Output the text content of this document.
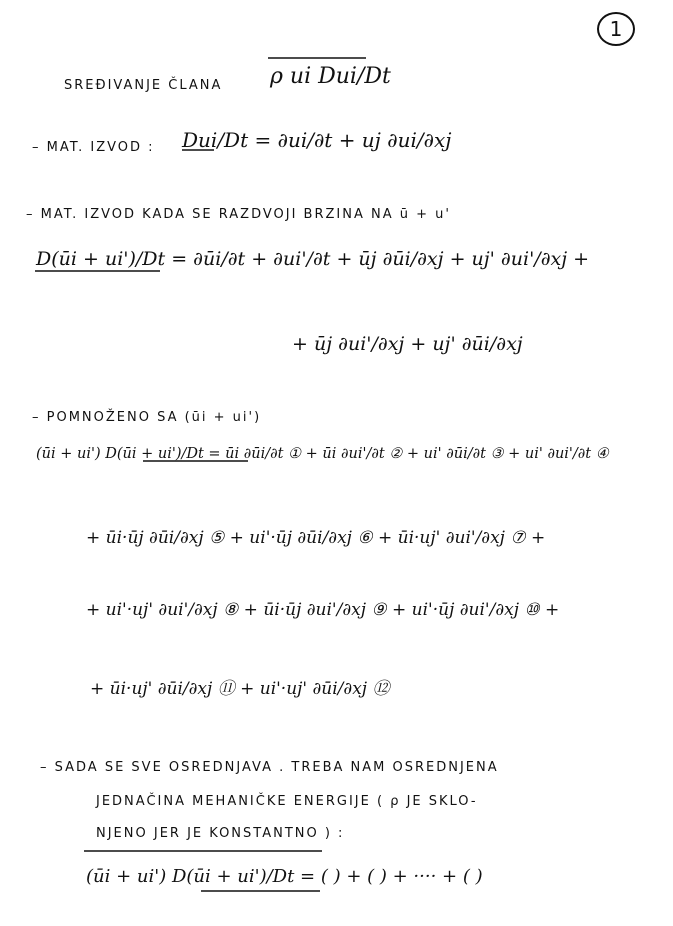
1
SREĐIVANJE ČLANA ρ ui Dui/Dt
– MAT. IZVOD : Dui/Dt = ∂ui/∂t + uj ∂ui/∂xj
– MAT. IZVOD KADA SE RAZDVOJI BRZINA NA ū + u'
D(ūi + ui')/Dt = ∂ūi/∂t + ∂ui'/∂t + ūj ∂ūi/∂xj + uj' ∂ui'/∂xj +
+ ūj ∂ui'/∂xj + uj' ∂ūi/∂xj
– POMNOŽENO SA (ūi + ui')
(ūi + ui') D(ūi + ui')/Dt = ūi ∂ūi/∂t ① + ūi ∂ui'/∂t ② + ui' ∂ūi/∂t ③ + ui' ∂ui'/∂t ④
+ ūi·ūj ∂ūi/∂xj ⑤ + ui'·ūj ∂ūi/∂xj ⑥ + ūi·uj' ∂ui'/∂xj ⑦ +
+ ui'·uj' ∂ui'/∂xj ⑧ + ūi·ūj ∂ui'/∂xj ⑨ + ui'·ūj ∂ui'/∂xj ⑩ +
+ ūi·uj' ∂ūi/∂xj ⑪ + ui'·uj' ∂ūi/∂xj ⑫
– SADA SE SVE OSREDNJAVA . TREBA NAM OSREDNJENA
JEDNAČINA MEHANIČKE ENERGIJE ( ρ JE SKLO-
NJENO JER JE KONSTANTNO ) :
(ūi + ui') D(ūi + ui')/Dt = ( ) + ( ) + ···· + ( )
